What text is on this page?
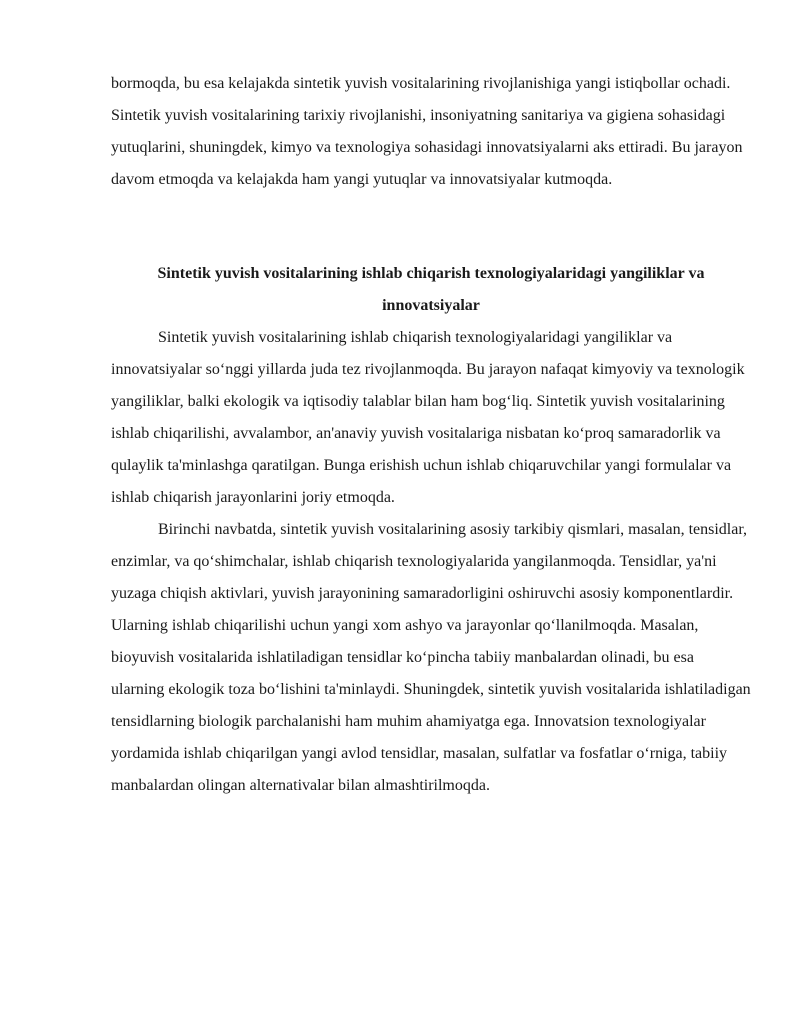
bormoqda, bu esa kelajakda sintetik yuvish vositalarining rivojlanishiga yangi istiqbollar ochadi. Sintetik yuvish vositalarining tarixiy rivojlanishi, insoniyatning sanitariya va gigiena sohasidagi yutuqlarini, shuningdek, kimyo va texnologiya sohasidagi innovatsiyalarni aks ettiradi. Bu jarayon davom etmoqda va kelajakda ham yangi yutuqlar va innovatsiyalar kutmoqda.

Sintetik yuvish vositalarining ishlab chiqarish texnologiyalaridagi yangiliklar va innovatsiyalar

Sintetik yuvish vositalarining ishlab chiqarish texnologiyalaridagi yangiliklar va innovatsiyalar so‘nggi yillarda juda tez rivojlanmoqda. Bu jarayon nafaqat kimyoviy va texnologik yangiliklar, balki ekologik va iqtisodiy talablar bilan ham bog‘liq. Sintetik yuvish vositalarining ishlab chiqarilishi, avvalambor, an'anaviy yuvish vositalariga nisbatan ko‘proq samaradorlik va qulaylik ta'minlashga qaratilgan. Bunga erishish uchun ishlab chiqaruvchilar yangi formulalar va ishlab chiqarish jarayonlarini joriy etmoqda.

Birinchi navbatda, sintetik yuvish vositalarining asosiy tarkibiy qismlari, masalan, tensidlar, enzimlar, va qo‘shimchalar, ishlab chiqarish texnologiyalarida yangilanmoqda. Tensidlar, ya'ni yuzaga chiqish aktivlari, yuvish jarayonining samaradorligini oshiruvchi asosiy komponentlardir. Ularning ishlab chiqarilishi uchun yangi xom ashyo va jarayonlar qo‘llanilmoqda. Masalan, bioyuvish vositalarida ishlatiladigan tensidlar ko‘pincha tabiiy manbalardan olinadi, bu esa ularning ekologik toza bo‘lishini ta'minlaydi. Shuningdek, sintetik yuvish vositalarida ishlatiladigan tensidlarning biologik parchalanishi ham muhim ahamiyatga ega. Innovatsion texnologiyalar yordamida ishlab chiqarilgan yangi avlod tensidlar, masalan, sulfatlar va fosfatlar o‘rniga, tabiiy manbalardan olingan alternativalar bilan almashtirilmoqda.
